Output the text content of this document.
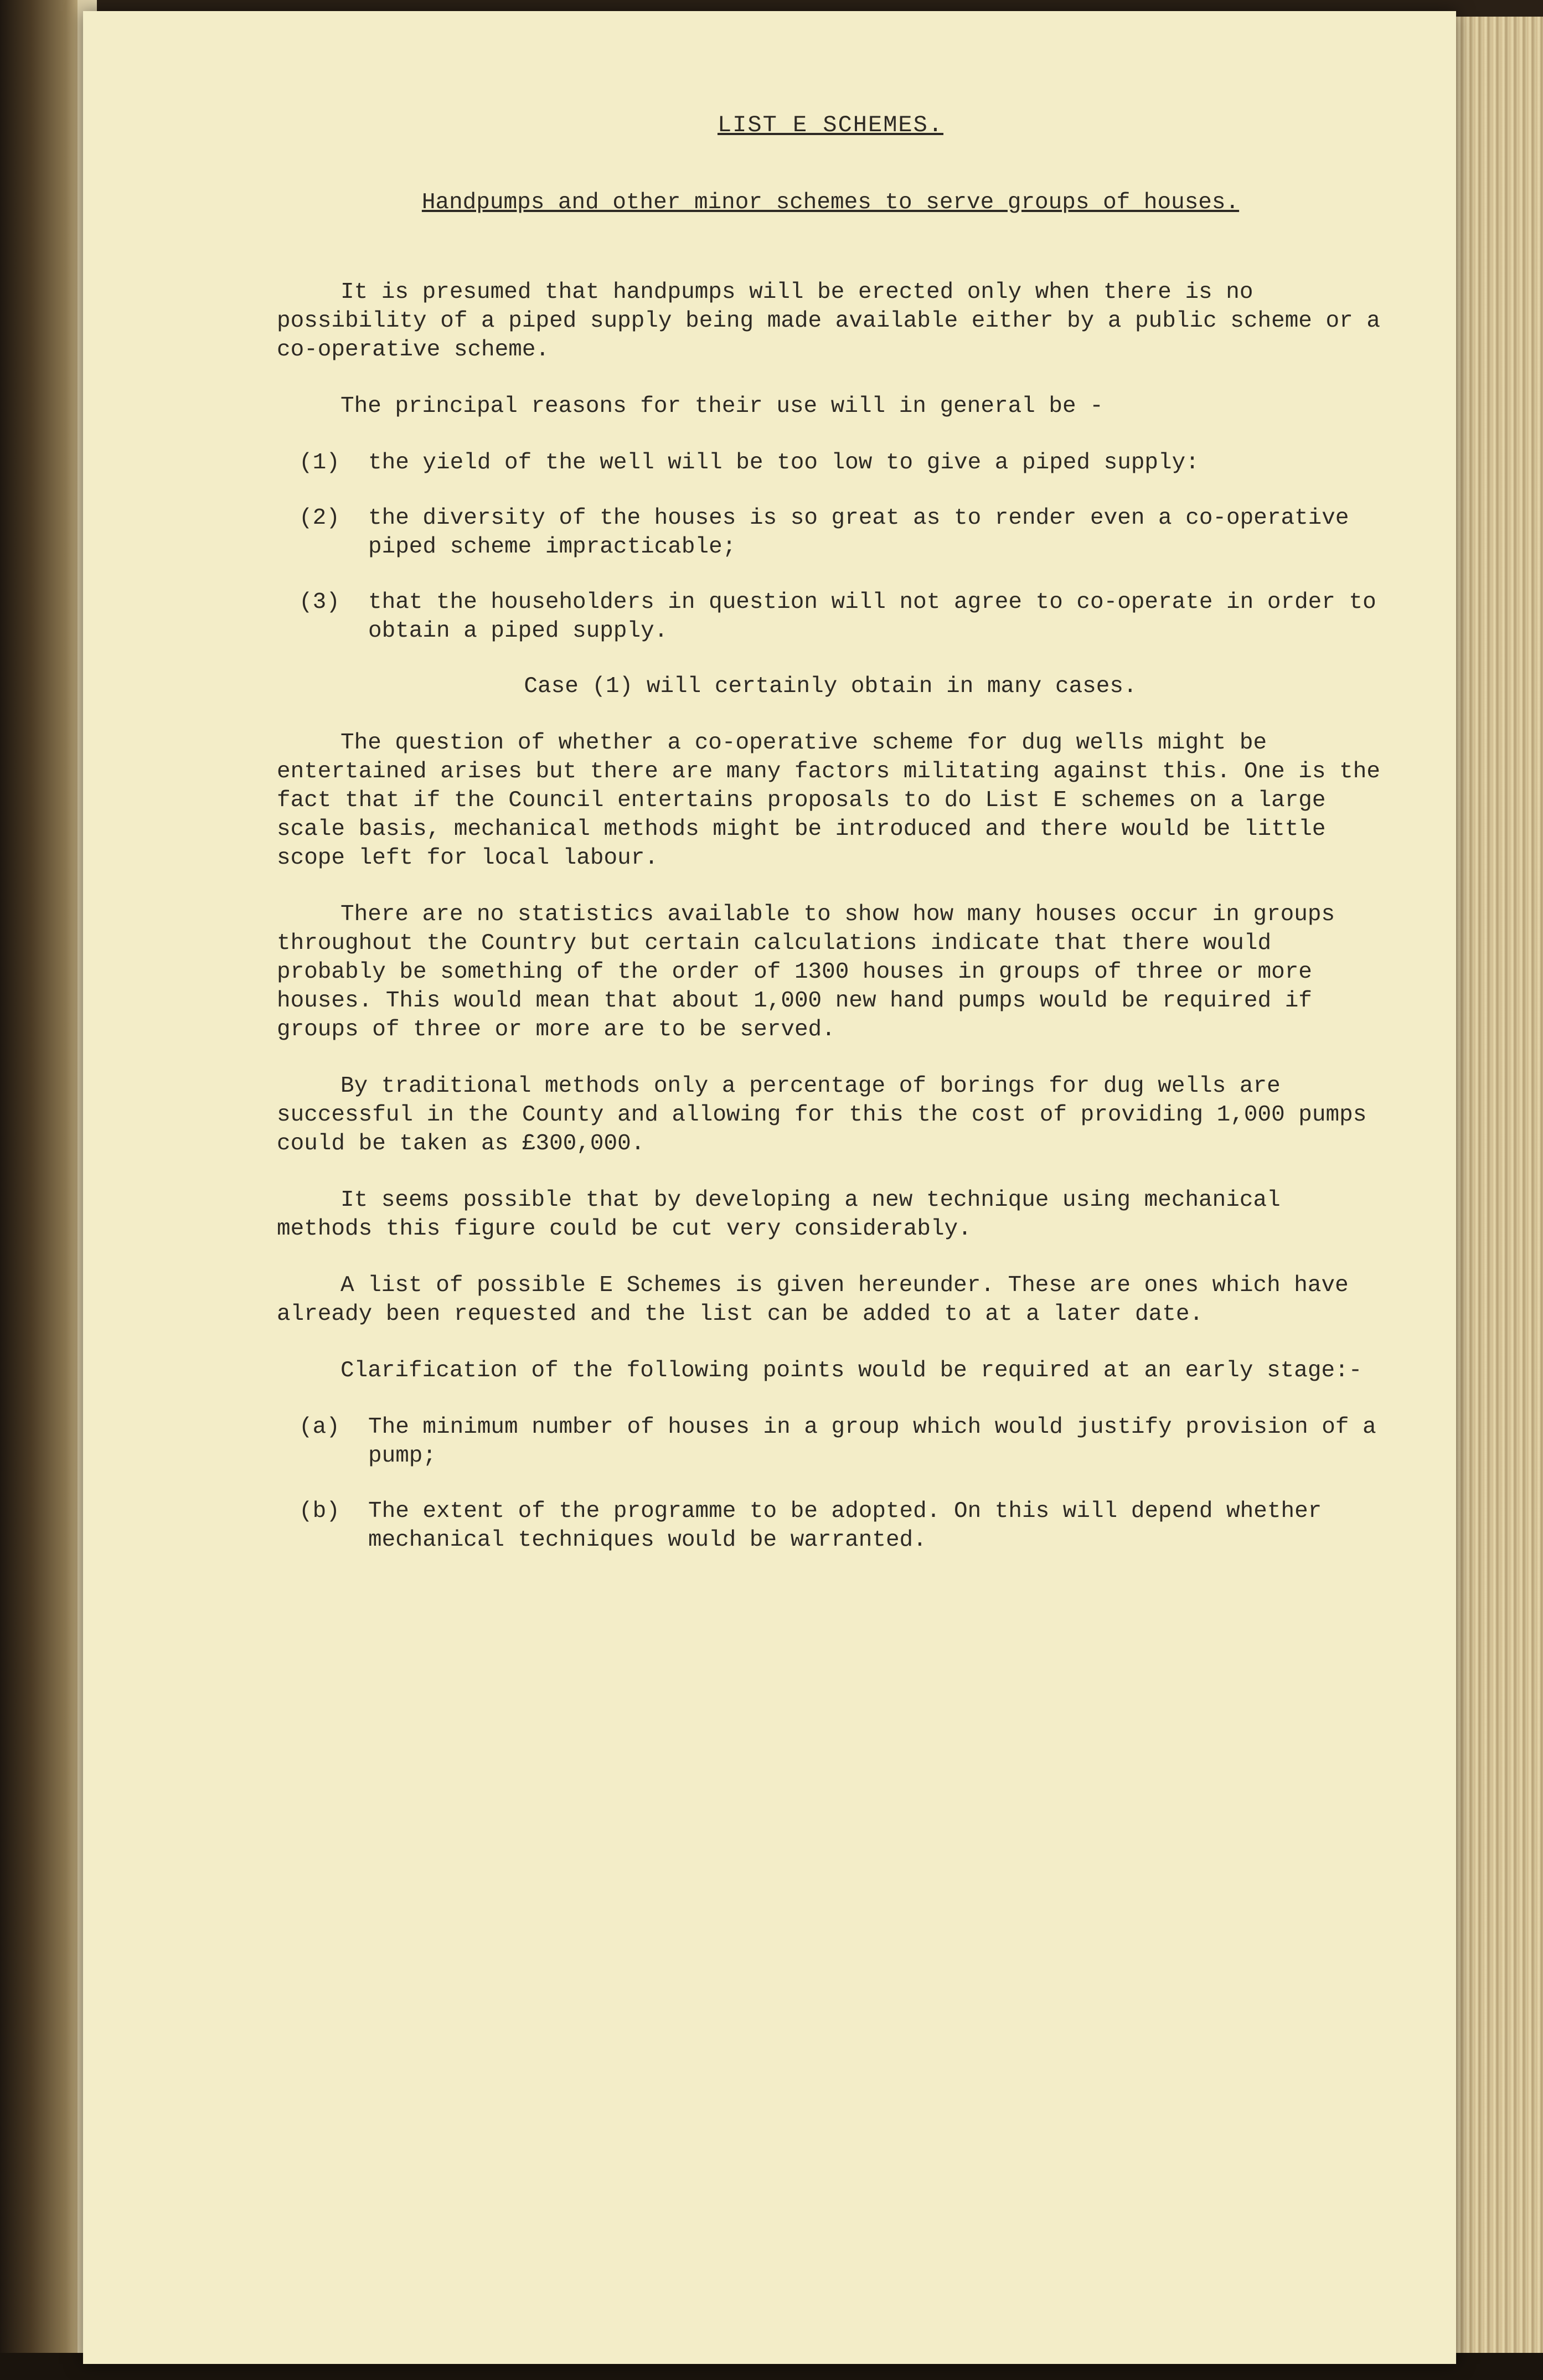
LIST E SCHEMES.
Handpumps and other minor schemes to serve groups of houses.

It is presumed that handpumps will be erected only when there is no possibility of a piped supply being made available either by a public scheme or a co-operative scheme.

The principal reasons for their use will in general be -

(1)	the yield of the well will be too low to give a piped supply:
(2)	the diversity of the houses is so great as to render even a co-operative piped scheme impracticable;
(3)	that the householders in question will not agree to co-operate in order to obtain a piped supply.

Case (1) will certainly obtain in many cases.

The question of whether a co-operative scheme for dug wells might be entertained arises but there are many factors militating against this. One is the fact that if the Council entertains proposals to do List E schemes on a large scale basis, mechanical methods might be introduced and there would be little scope left for local labour.

There are no statistics available to show how many houses occur in groups throughout the Country but certain calculations indicate that there would probably be something of the order of 1300 houses in groups of three or more houses. This would mean that about 1,000 new hand pumps would be required if groups of three or more are to be served.

By traditional methods only a percentage of borings for dug wells are successful in the County and allowing for this the cost of providing 1,000 pumps could be taken as £300,000.

It seems possible that by developing a new technique using mechanical methods this figure could be cut very considerably.

A list of possible E Schemes is given hereunder. These are ones which have already been requested and the list can be added to at a later date.

Clarification of the following points would be required at an early stage:-

(a)	The minimum number of houses in a group which would justify provision of a pump;
(b)	The extent of the programme to be adopted. On this will depend whether mechanical techniques would be warranted.
